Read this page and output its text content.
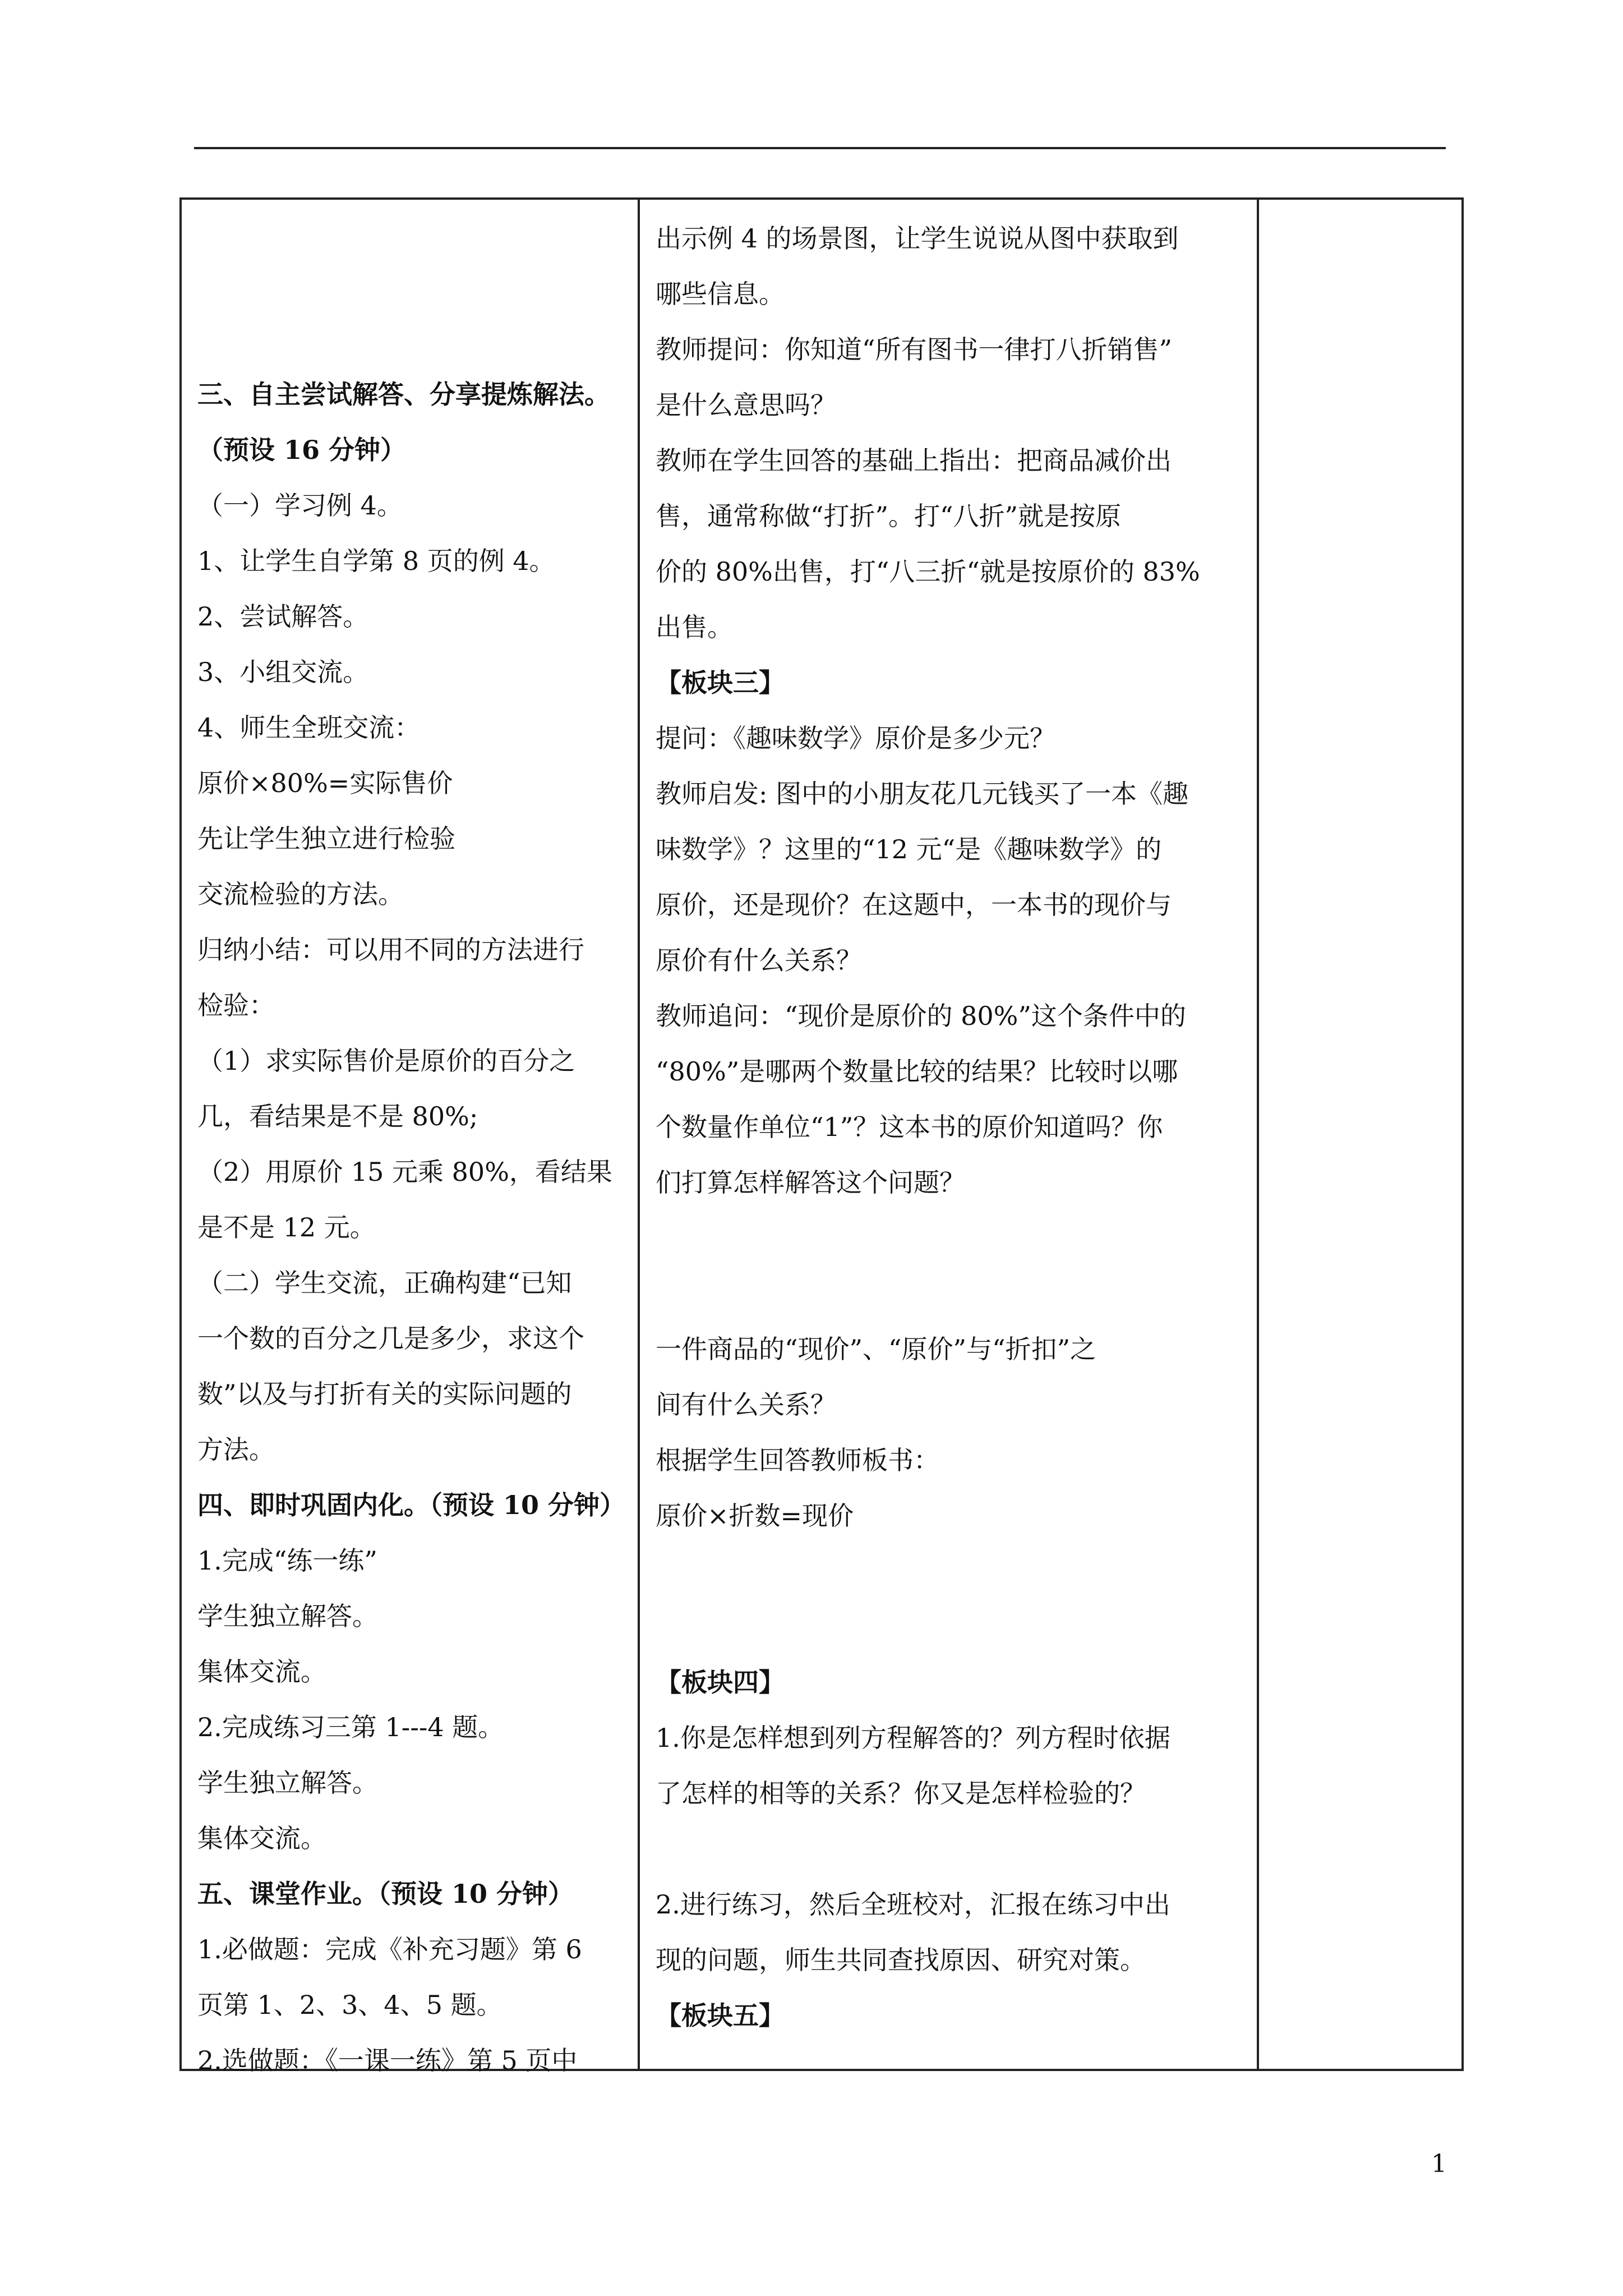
三、自主尝试解答、分享提炼解法。
（预设 16 分钟）
（一）学习例 4。
1、让学生自学第 8 页的例 4。
2、尝试解答。
3、小组交流。
4、师生全班交流：
原价×80%=实际售价
先让学生独立进行检验
交流检验的方法。
归纳小结：可以用不同的方法进行
检验：
（1）求实际售价是原价的百分之
几，看结果是不是 80%;
（2）用原价 15 元乘 80%，看结果
是不是 12 元。
（二）学生交流，正确构建“已知
一个数的百分之几是多少，求这个
数”以及与打折有关的实际问题的
方法。
四、即时巩固内化。（预设 10 分钟）
1.完成“练一练”
学生独立解答。
集体交流。
2.完成练习三第 1---4 题。
学生独立解答。
集体交流。
五、课堂作业。（预设 10 分钟）
1.必做题：完成《补充习题》第 6
页第 1、2、3、4、5 题。
2.选做题：《一课一练》第 5 页中
出示例 4 的场景图，让学生说说从图中获取到
哪些信息。
教师提问：你知道“所有图书一律打八折销售”
是什么意思吗？
教师在学生回答的基础上指出：把商品减价出
售，通常称做“打折”。打“八折”就是按原
价的 80%出售，打“八三折“就是按原价的 83%
出售。
【板块三】
提问：《趣味数学》原价是多少元？
教师启发: 图中的小朋友花几元钱买了一本《趣
味数学》？这里的“12 元“是《趣味数学》的
原价，还是现价？在这题中，一本书的现价与
原价有什么关系？
教师追问：“现价是原价的 80%”这个条件中的
“80%”是哪两个数量比较的结果？比较时以哪
个数量作单位“1”？这本书的原价知道吗？你
们打算怎样解答这个问题？
一件商品的“现价”、“原价”与“折扣”之
间有什么关系？
根据学生回答教师板书：
原价×折数=现价
【板块四】
1.你是怎样想到列方程解答的？列方程时依据
了怎样的相等的关系？你又是怎样检验的？
2.进行练习，然后全班校对，汇报在练习中出
现的问题，师生共同查找原因、研究对策。
【板块五】
1
